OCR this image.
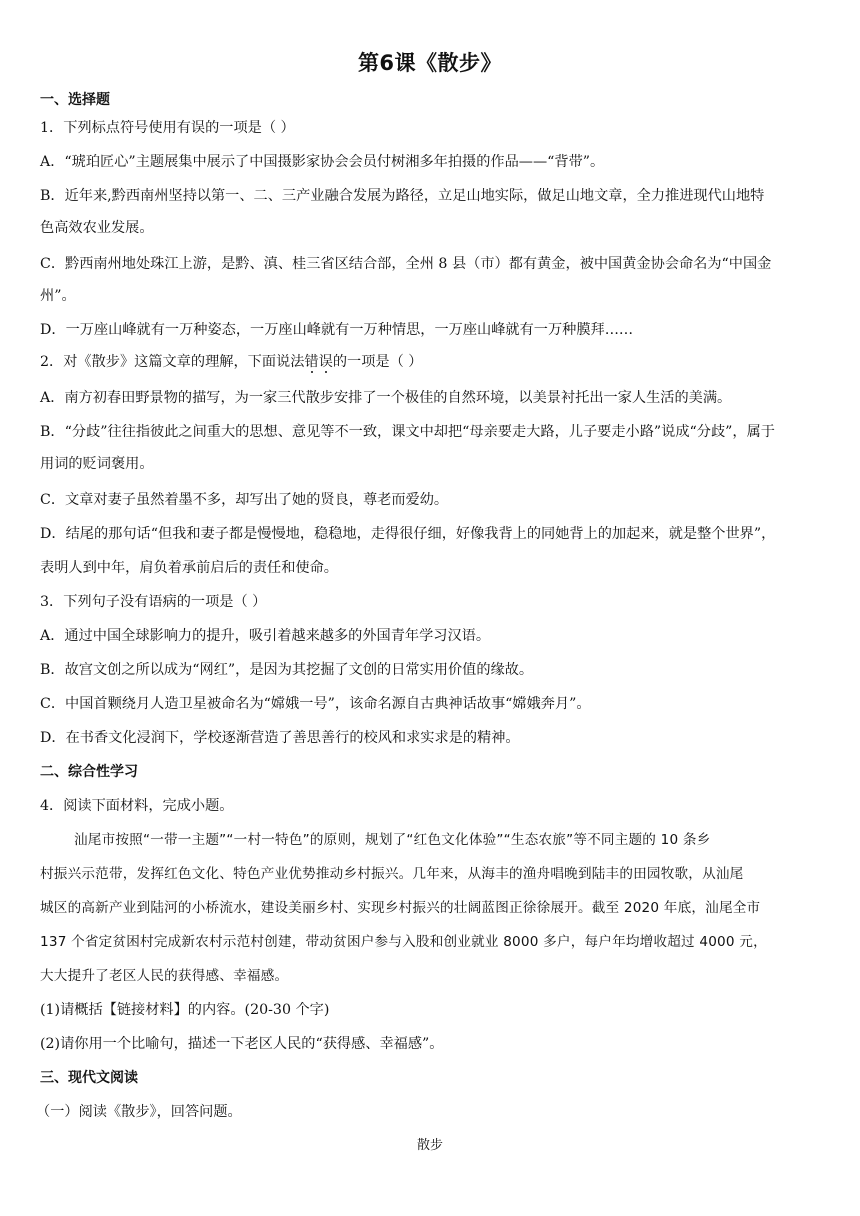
第6课《散步》
一、选择题
1．下列标点符号使用有误的一项是（ ）
A．“琥珀匠心”主题展集中展示了中国摄影家协会会员付树湘多年拍摄的作品——“背带”。
B．近年来,黔西南州坚持以第一、二、三产业融合发展为路径，立足山地实际，做足山地文章，全力推进现代山地特
色高效农业发展。
C．黔西南州地处珠江上游，是黔、滇、桂三省区结合部，全州 8 县（市）都有黄金，被中国黄金协会命名为“中国金
州”。
D．一万座山峰就有一万种姿态，一万座山峰就有一万种情思，一万座山峰就有一万种膜拜……
2．对《散步》这篇文章的理解，下面说法错误的一项是（ ）
A．南方初春田野景物的描写，为一家三代散步安排了一个极佳的自然环境，以美景衬托出一家人生活的美满。
B．“分歧”往往指彼此之间重大的思想、意见等不一致，课文中却把“母亲要走大路，儿子要走小路”说成“分歧”，属于
用词的贬词褒用。
C．文章对妻子虽然着墨不多，却写出了她的贤良，尊老而爱幼。
D．结尾的那句话“但我和妻子都是慢慢地，稳稳地，走得很仔细，好像我背上的同她背上的加起来，就是整个世界”，
表明人到中年，肩负着承前启后的责任和使命。
3．下列句子没有语病的一项是（ ）
A．通过中国全球影响力的提升，吸引着越来越多的外国青年学习汉语。
B．故宫文创之所以成为“网红”，是因为其挖掘了文创的日常实用价值的缘故。
C．中国首颗绕月人造卫星被命名为“嫦娥一号”，该命名源自古典神话故事“嫦娥奔月”。
D．在书香文化浸润下，学校逐渐营造了善思善行的校风和求实求是的精神。
二、综合性学习
4．阅读下面材料，完成小题。
汕尾市按照“一带一主题”“一村一特色”的原则，规划了“红色文化体验”“生态农旅”等不同主题的 10 条乡
村振兴示范带，发挥红色文化、特色产业优势推动乡村振兴。几年来，从海丰的渔舟唱晚到陆丰的田园牧歌，从汕尾
城区的高新产业到陆河的小桥流水，建设美丽乡村、实现乡村振兴的壮阔蓝图正徐徐展开。截至 2020 年底，汕尾全市
137 个省定贫困村完成新农村示范村创建，带动贫困户参与入股和创业就业 8000 多户，每户年均增收超过 4000 元，
大大提升了老区人民的获得感、幸福感。
(1)请概括【链接材料】的内容。(20-30 个字)
(2)请你用一个比喻句，描述一下老区人民的“获得感、幸福感”。
三、现代文阅读
（一）阅读《散步》，回答问题。
散步
